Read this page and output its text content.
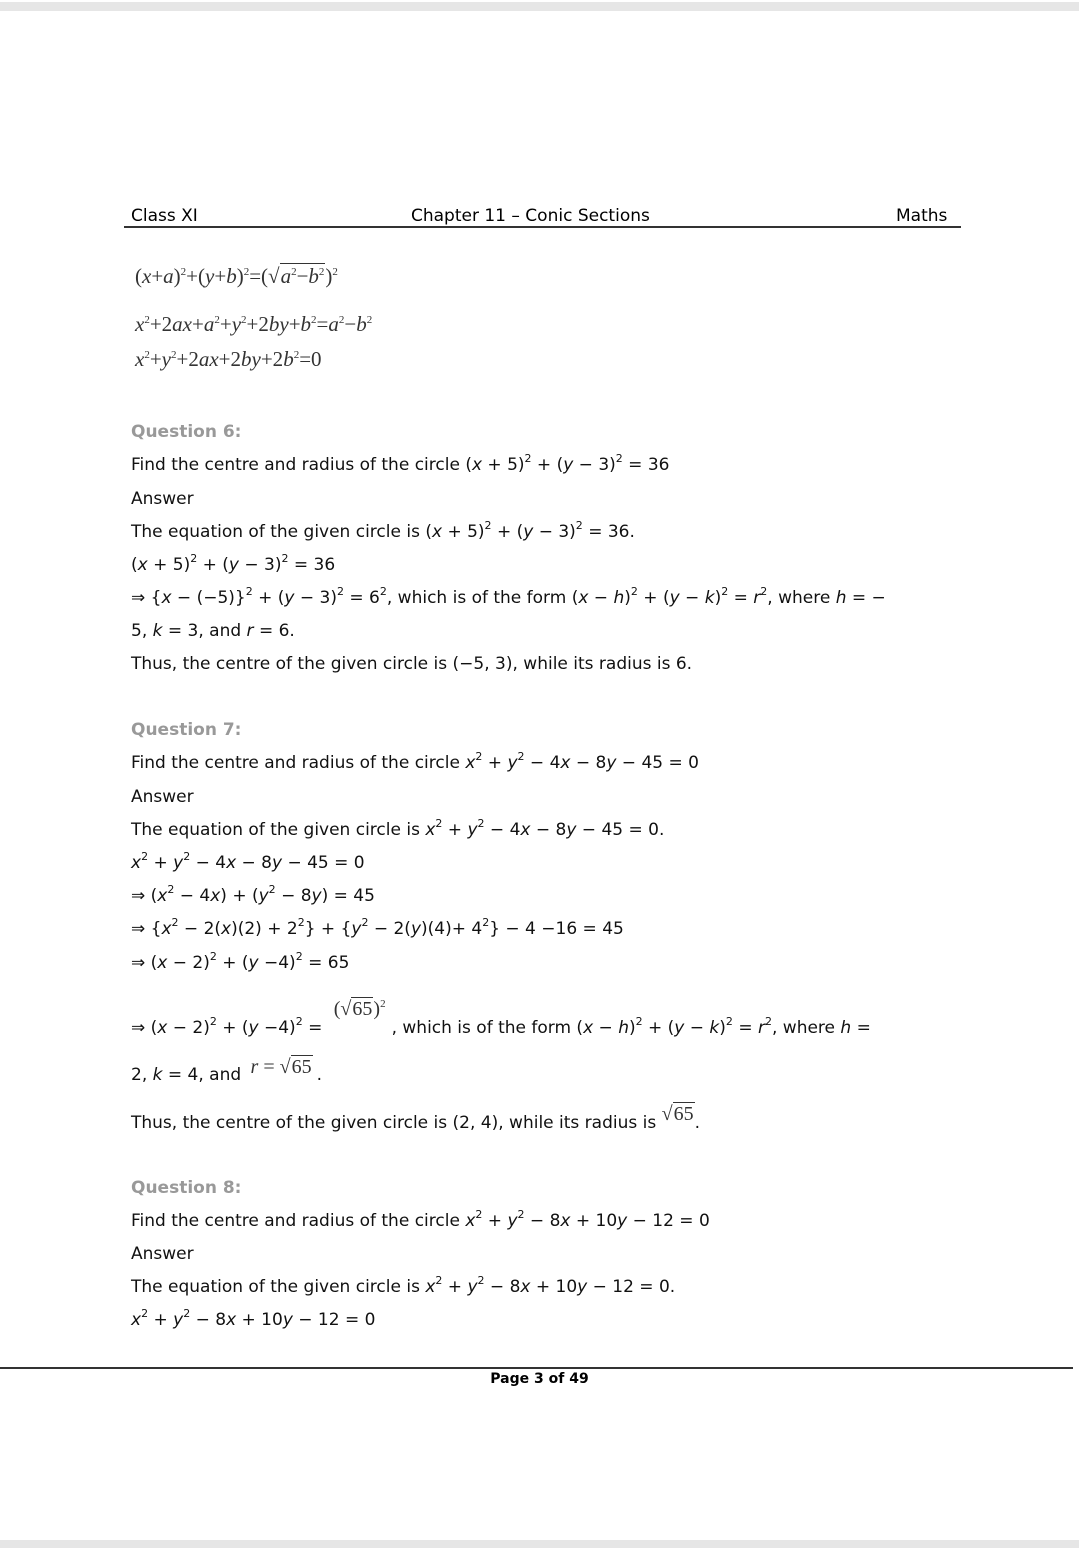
Class XI	Chapter 11 – Conic Sections	Maths
$(x+a)^2+(y+b)^2=(√a^2-b^2)^2$
$x^2+2ax+a^2+y^2+2by+b^2=a^2-b^2$
$x^2+y^2+2ax+2by+2b^2=0$
Question 6:
Find the centre and radius of the circle $(x + 5)^2 + (y - 3)^2 = 36$
Answer
The equation of the given circle is $(x + 5)^2 + (y - 3)^2 = 36$.
$(x + 5)^2 + (y - 3)^2 = 36$
⇒ $\{x - (-5)\}^2 + (y - 3)^2 = 6^2$, which is of the form $(x - h)^2 + (y - k)^2 = r^2$, where h = −
5, k = 3, and r = 6.
Thus, the centre of the given circle is (−5, 3), while its radius is 6.
Question 7:
Find the centre and radius of the circle $x^2 + y^2 - 4x - 8y - 45 = 0$
Answer
The equation of the given circle is $x^2 + y^2 - 4x - 8y - 45 = 0$.
$x^2 + y^2 - 4x - 8y - 45 = 0$
⇒ $(x^2 - 4x) + (y^2 - 8y) = 45$
⇒ $\{x^2 - 2(x)(2) + 2^2\} + \{y^2 - 2(y)(4)+ 4^2\} - 4 -16 = 45$
⇒ $(x - 2)^2 + (y -4)^2 = 65$
⇒ $(x - 2)^2 + (y -4)^2 = (√65)^2$, which is of the form $(x - h)^2 + (y - k)^2 = r^2$, where h =
2, k = 4, and r = √65 .
Thus, the centre of the given circle is (2, 4), while its radius is √65.
Question 8:
Find the centre and radius of the circle $x^2 + y^2 - 8x + 10y - 12 = 0$
Answer
The equation of the given circle is $x^2 + y^2 - 8x + 10y - 12 = 0$.
$x^2 + y^2 - 8x + 10y - 12 = 0$
Page 3 of 49
